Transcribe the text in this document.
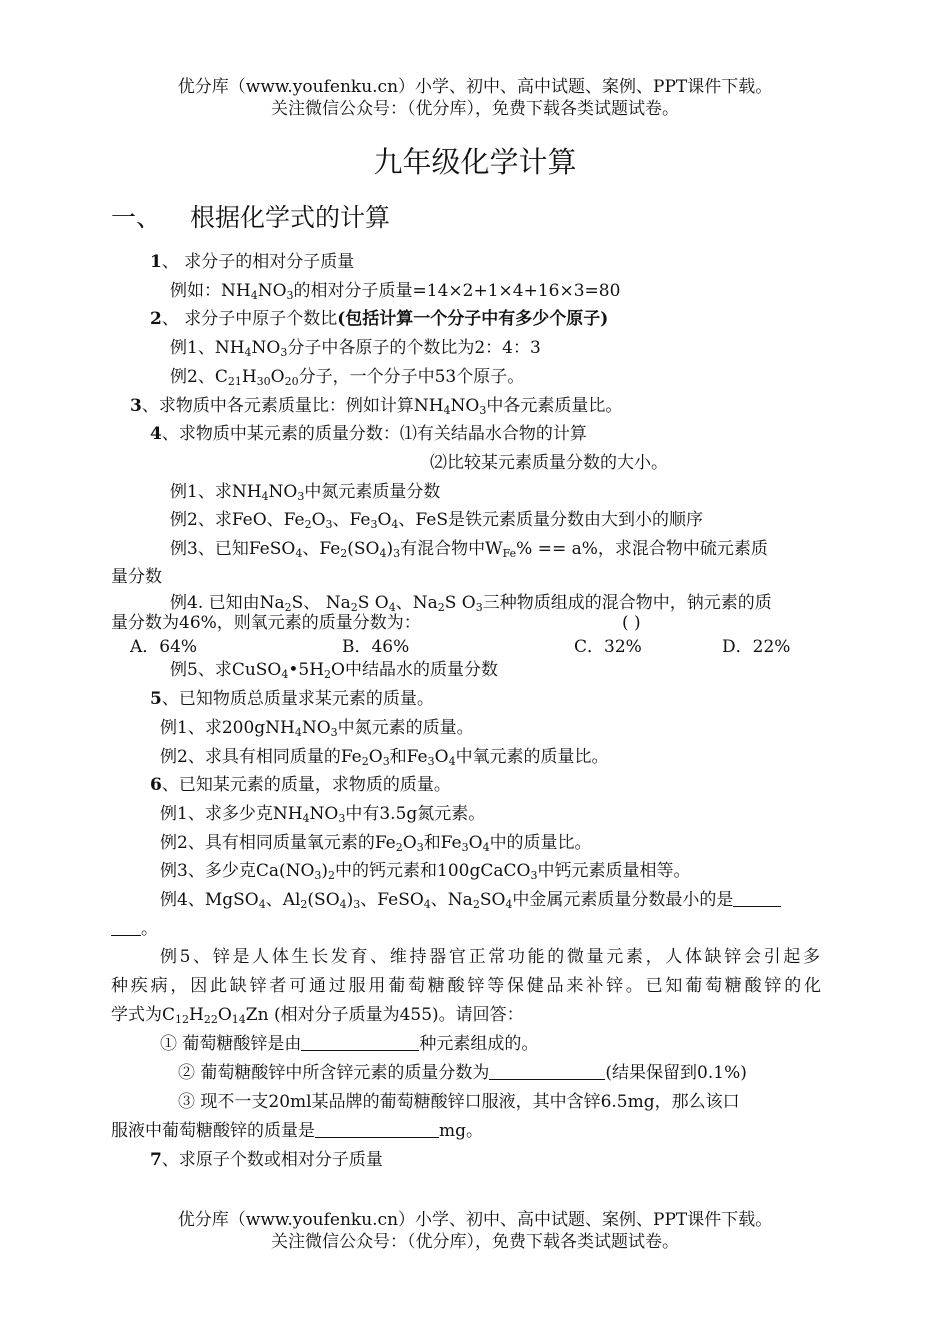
优分库（www.youfenku.cn）小学、初中、高中试题、案例、PPT课件下载。
关注微信公众号：（优分库），免费下载各类试题试卷。
九年级化学计算
一、 根据化学式的计算
1、 求分子的相对分子质量
例如：$NH_4NO_3$的相对分子质量=14×2+1×4+16×3=80
2、 求分子中原子个数比(包括计算一个分子中有多少个原子)
例1、$NH_4NO_3$分子中各原子的个数比为2：4：3
例2、$C_{21}H_{30}O_{20}$分子，一个分子中53个原子。
3、求物质中各元素质量比：例如计算$NH_4NO_3$中各元素质量比。
4、求物质中某元素的质量分数：⑴有关结晶水合物的计算
⑵比较某元素质量分数的大小。
例1、求$NH_4NO_3$中氮元素质量分数
例2、求FeO、$Fe_2O_3$、$Fe_3O_4$、FeS是铁元素质量分数由大到小的顺序
例3、已知FeSO$_4$、$Fe_2(SO_4)_3$有混合物中$W_{Fe}\% == a\%$，求混合物中硫元素质
量分数
例4. 已知由$Na_2S$、 $Na_2S$ $O_4$、$Na_2S$ $O_3$三种物质组成的混合物中，钠元素的质
量分数为46%，则氧元素的质量分数为：	( )
A．64%	B．46%	C．32%	D．22%
例5、求$CuSO_4•5H_2O$中结晶水的质量分数
5、已知物质总质量求某元素的质量。
例1、求$200gNH_4NO_3$中氮元素的质量。
例2、求具有相同质量的$Fe_2O_3$和$Fe_3O_4$中氧元素的质量比。
6、已知某元素的质量，求物质的质量。
例1、求多少克$NH_4NO_3$中有3.5g氮元素。
例2、具有相同质量氧元素的$Fe_2O_3$和$Fe_3O_4$中的质量比。
例3、多少克$Ca(NO_3)_2$中的钙元素和100gCaCO$_3$中钙元素质量相等。
例4、MgSO$_4$、$Al_2(SO_4)_3$、FeSO$_4$、$Na_2SO_4$中金属元素质量分数最小的是
。
例5、锌是人体生长发育、维持器官正常功能的微量元素，人体缺锌会引起多
种疾病，因此缺锌者可通过服用葡萄糖酸锌等保健品来补锌。已知葡萄糖酸锌的化
学式为$C_{12}H_{22}O_{14}Zn$ (相对分子质量为455)。请回答：
① 葡萄糖酸锌是由	种元素组成的。
② 葡萄糖酸锌中所含锌元素的质量分数为	(结果保留到0.1%)
③ 现不一支20ml某品牌的葡萄糖酸锌口服液，其中含锌6.5mg，那么该口
服液中葡萄糖酸锌的质量是	mg。
7、求原子个数或相对分子质量
优分库（www.youfenku.cn）小学、初中、高中试题、案例、PPT课件下载。
关注微信公众号：（优分库），免费下载各类试题试卷。
